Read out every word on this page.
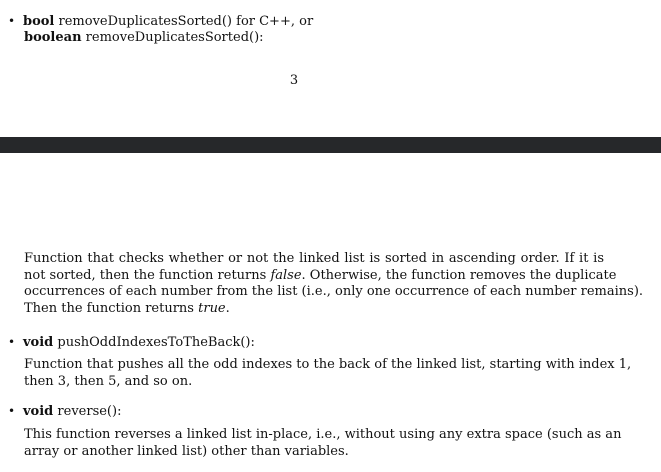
• bool removeDuplicatesSorted() for C++, or
boolean removeDuplicatesSorted():
3
Function that checks whether or not the linked list is sorted in ascending order. If it is
not sorted, then the function returns false. Otherwise, the function removes the duplicate
occurrences of each number from the list (i.e., only one occurrence of each number remains).
Then the function returns true.
• void pushOddIndexesToTheBack():
Function that pushes all the odd indexes to the back of the linked list, starting with index 1,
then 3, then 5, and so on.
• void reverse():
This function reverses a linked list in-place, i.e., without using any extra space (such as an
array or another linked list) other than variables.
